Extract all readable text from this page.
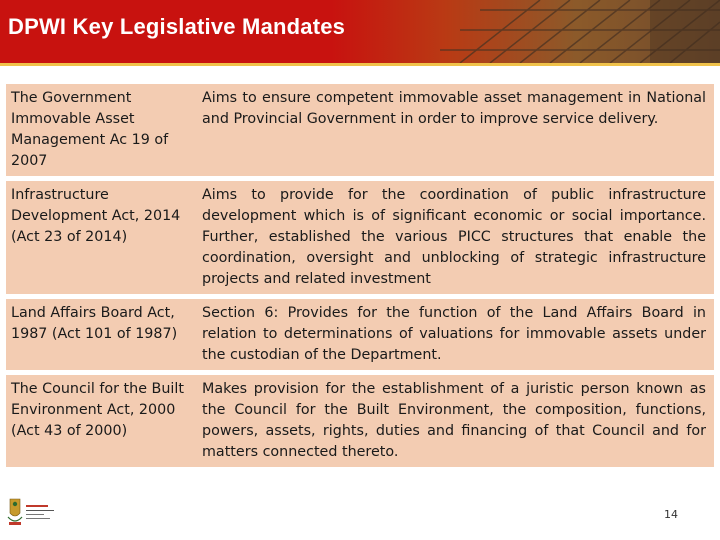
DPWI Key Legislative Mandates
The Government Immovable Asset Management Ac 19 of 2007
Aims to ensure competent immovable asset management in National and Provincial Government in order to improve service delivery.
Infrastructure Development Act, 2014 (Act 23 of 2014)
Aims to provide for the coordination of public infrastructure development which is of significant economic or social importance. Further, established the various PICC structures that enable the coordination, oversight and unblocking of strategic infrastructure projects and related investment
Land Affairs Board Act, 1987 (Act 101 of 1987)
Section 6: Provides for the function of the Land Affairs Board in relation to determinations of valuations for immovable assets under the custodian of the Department.
The Council for the Built Environment Act, 2000 (Act 43 of 2000)
Makes provision for the establishment of a juristic person known as the Council for the Built Environment, the composition, functions, powers, assets, rights, duties and financing of that Council and for matters connected thereto.
14
